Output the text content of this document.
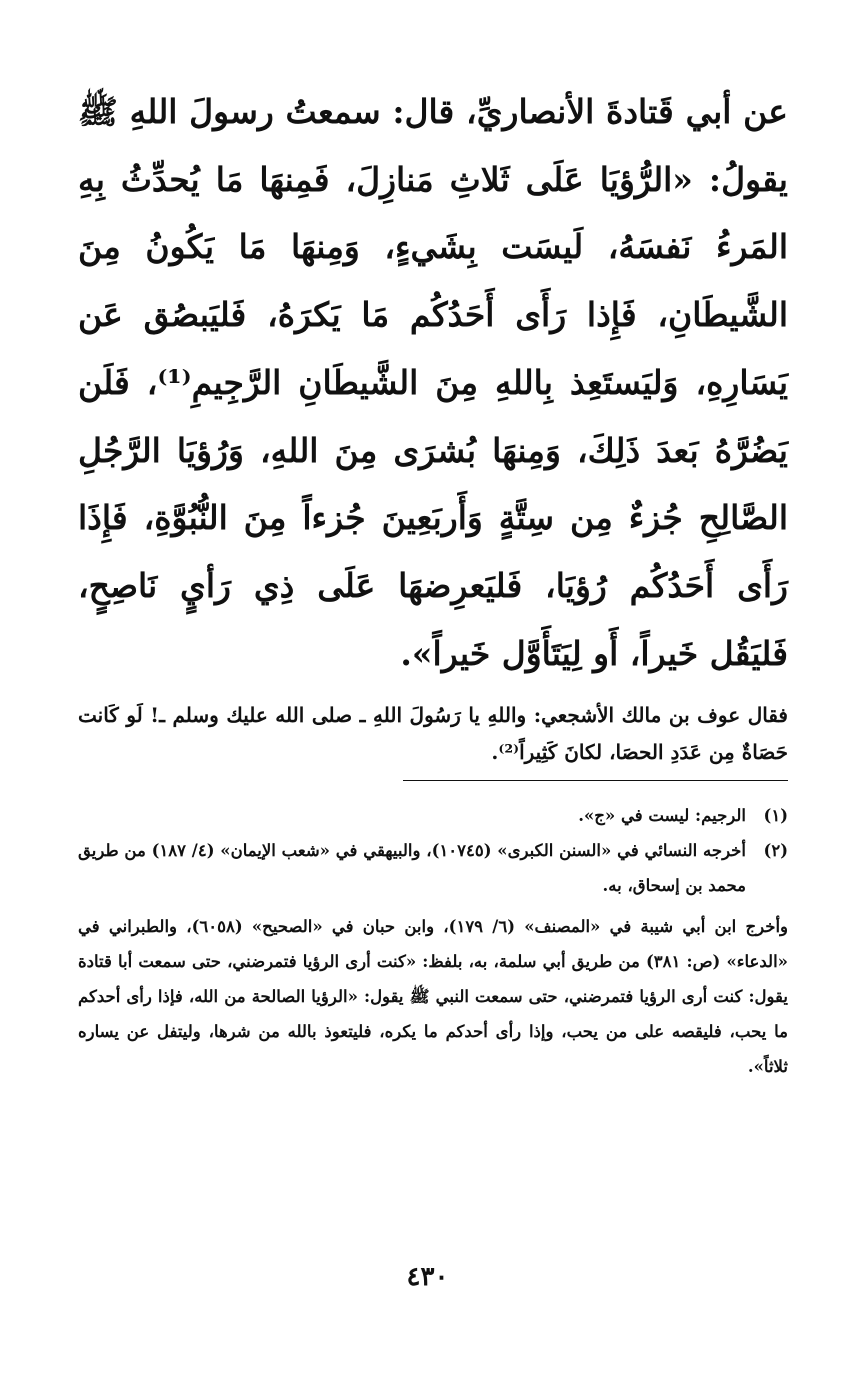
عن أبي قَتادةَ الأنصاريِّ، قال: سمعتُ رسولَ اللهِ ﷺ يقولُ: «الرُّؤيَا عَلَى ثَلاثِ مَنازِلَ، فَمِنهَا مَا يُحدِّثُ بِهِ المَرءُ نَفسَهُ، لَيسَت بِشَيءٍ، وَمِنهَا مَا يَكُونُ مِنَ الشَّيطَانِ، فَإِذا رَأَى أَحَدُكُم مَا يَكرَهُ، فَليَبصُق عَن يَسَارِهِ، وَليَستَعِذ بِاللهِ مِنَ الشَّيطَانِ الرَّجِيمِ⁽¹⁾، فَلَن يَضُرَّهُ بَعدَ ذَلِكَ، وَمِنهَا بُشرَى مِنَ اللهِ، وَرُؤيَا الرَّجُلِ الصَّالِحِ جُزءٌ مِن سِتَّةٍ وَأَربَعِينَ جُزءاً مِنَ النُّبُوَّةِ، فَإِذَا رَأَى أَحَدُكُم رُؤيَا، فَليَعرِضهَا عَلَى ذِي رَأيٍ نَاصِحٍ، فَليَقُل خَيراً، أَو لِيَتَأَوَّل خَيراً».

فقال عوف بن مالك الأشجعي: واللهِ يا رَسُولَ اللهِ ـ صلى الله عليك وسلم ـ! لَو كَانت حَصَاةٌ مِن عَدَدِ الحصَا، لكانَ كَثِيراً⁽²⁾.

(١)
الرجيم: ليست في «ج».
(٢)
أخرجه النسائي في «السنن الكبرى» (١٠٧٤٥)، والبيهقي في «شعب الإيمان» (٤/ ١٨٧) من طريق محمد بن إسحاق، به.

وأخرج ابن أبي شيبة في «المصنف» (٦/ ١٧٩)، وابن حبان في «الصحيح» (٦٠٥٨)، والطبراني في «الدعاء» (ص: ٣٨١) من طريق أبي سلمة، به، بلفظ: «كنت أرى الرؤيا فتمرضني، حتى سمعت أبا قتادة يقول: كنت أرى الرؤيا فتمرضني، حتى سمعت النبي ﷺ يقول: «الرؤيا الصالحة من الله، فإذا رأى أحدكم ما يحب، فليقصه على من يحب، وإذا رأى أحدكم ما يكره، فليتعوذ بالله من شرها، وليتفل عن يساره ثلاثاً».

٤٣٠
